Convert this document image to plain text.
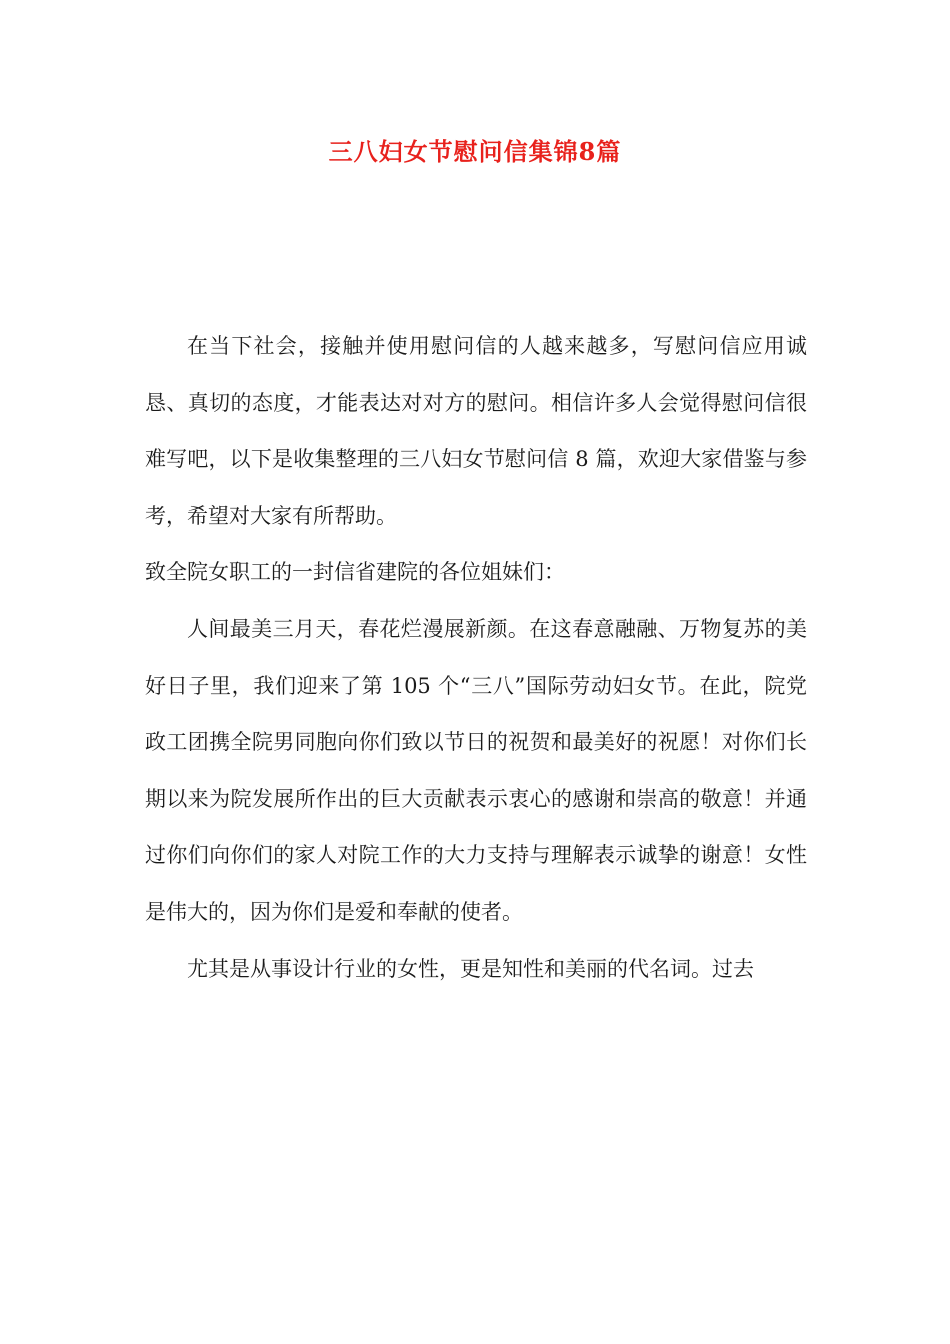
三八妇女节慰问信集锦8篇

在当下社会，接触并使用慰问信的人越来越多，写慰问信应用诚恳、真切的态度，才能表达对对方的慰问。相信许多人会觉得慰问信很难写吧，以下是收集整理的三八妇女节慰问信 8 篇，欢迎大家借鉴与参考，希望对大家有所帮助。

致全院女职工的一封信省建院的各位姐妹们：

人间最美三月天，春花烂漫展新颜。在这春意融融、万物复苏的美好日子里，我们迎来了第 105 个“三八”国际劳动妇女节。在此，院党政工团携全院男同胞向你们致以节日的祝贺和最美好的祝愿！对你们长期以来为院发展所作出的巨大贡献表示衷心的感谢和崇高的敬意！并通过你们向你们的家人对院工作的大力支持与理解表示诚挚的谢意！女性是伟大的，因为你们是爱和奉献的使者。

尤其是从事设计行业的女性，更是知性和美丽的代名词。过去
